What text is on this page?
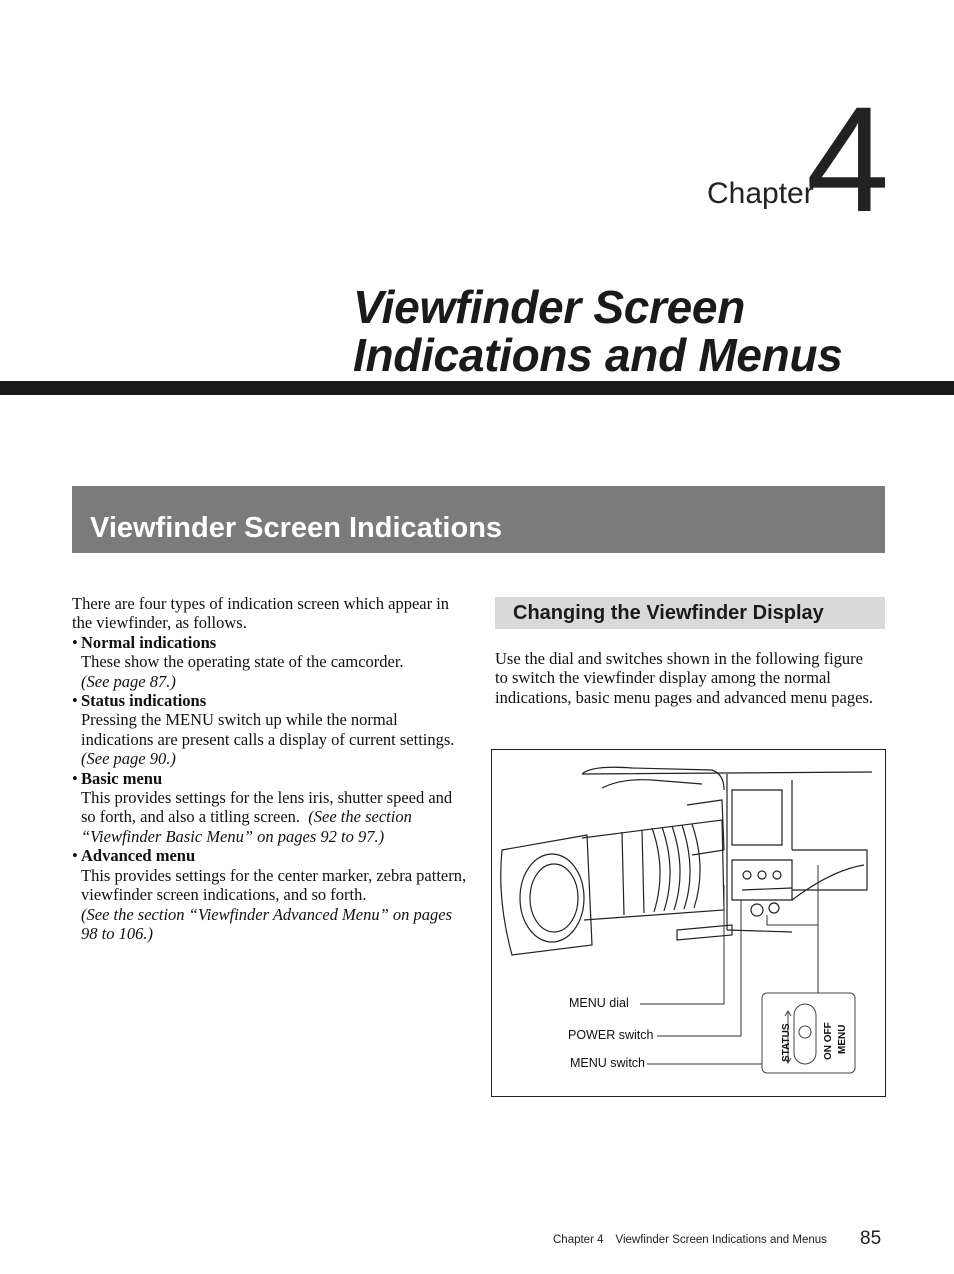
Chapter
4
Viewfinder Screen
Indications and Menus
Viewfinder Screen Indications

There are four types of indication screen which appear in the viewfinder, as follows.

• Normal indications
These show the operating state of the camcorder.
(See page 87.)
• Status indications
Pressing the MENU switch up while the normal indications are present calls a display of current settings.  (See page 90.)
• Basic menu
This provides settings for the lens iris, shutter speed and so forth, and also a titling screen. (See the section “Viewfinder Basic Menu” on pages 92 to 97.)
• Advanced menu
This provides settings for the center marker, zebra pattern, viewfinder screen indications, and so forth.
(See the section “Viewfinder Advanced Menu” on pages 98 to 106.)
Changing the Viewfinder Display

Use the dial and switches shown in the following figure to switch the viewfinder display among the normal indications, basic menu pages and advanced menu pages.

MENU dial
POWER switch
MENU switch
STATUS	ON OFF MENU
Chapter 4 Viewfinder Screen Indications and Menus 85
